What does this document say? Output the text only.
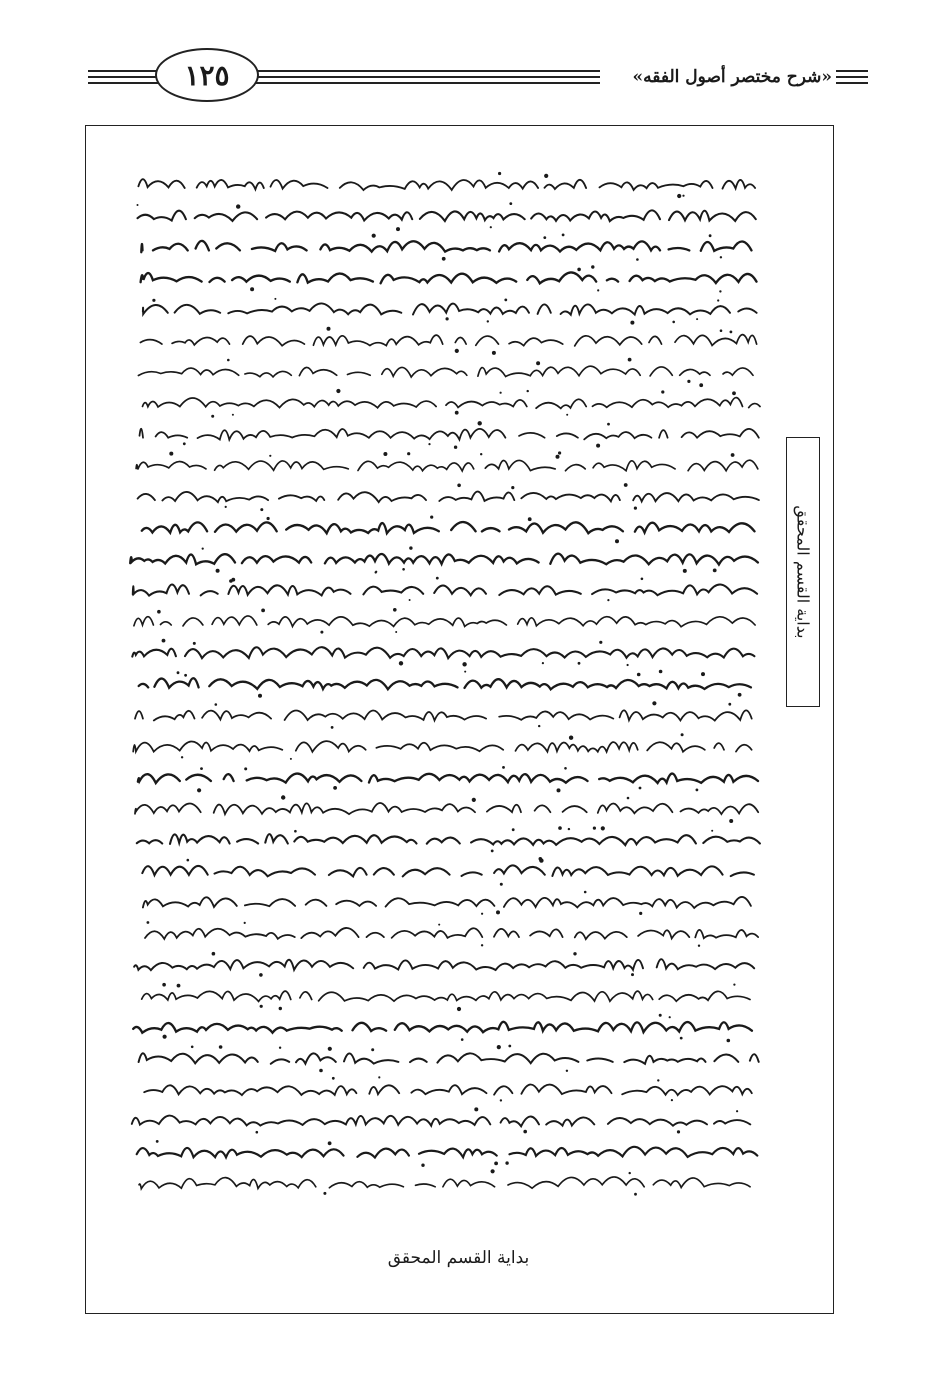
١٢٥	«شرح مختصر أصول الفقه»
بداية القسم المحقق
بداية القسم المحقق
